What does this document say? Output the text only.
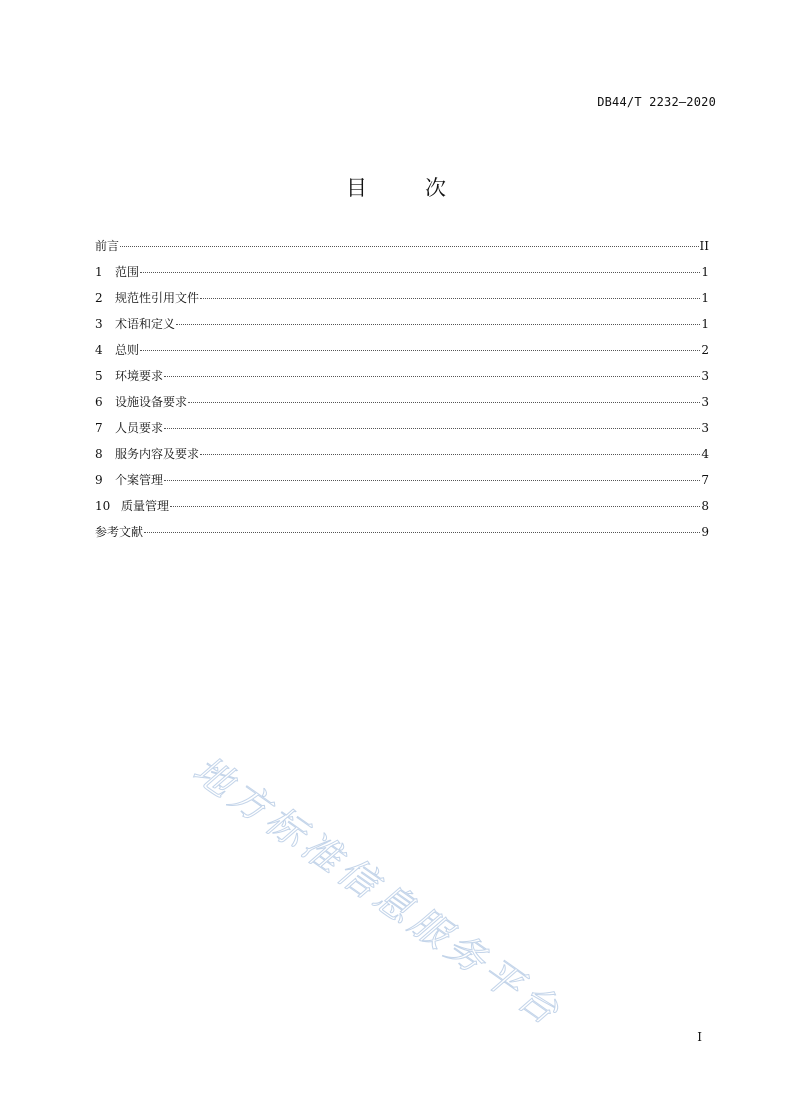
DB44/T 2232—2020
目	次
前言	II
1	范围	1
2	规范性引用文件	1
3	术语和定义	1
4	总则	2
5	环境要求	3
6	设施设备要求	3
7	人员要求	3
8	服务内容及要求	4
9	个案管理	7
10 质量管理	8
参考文献	9
地方标准信息服务平台
I
